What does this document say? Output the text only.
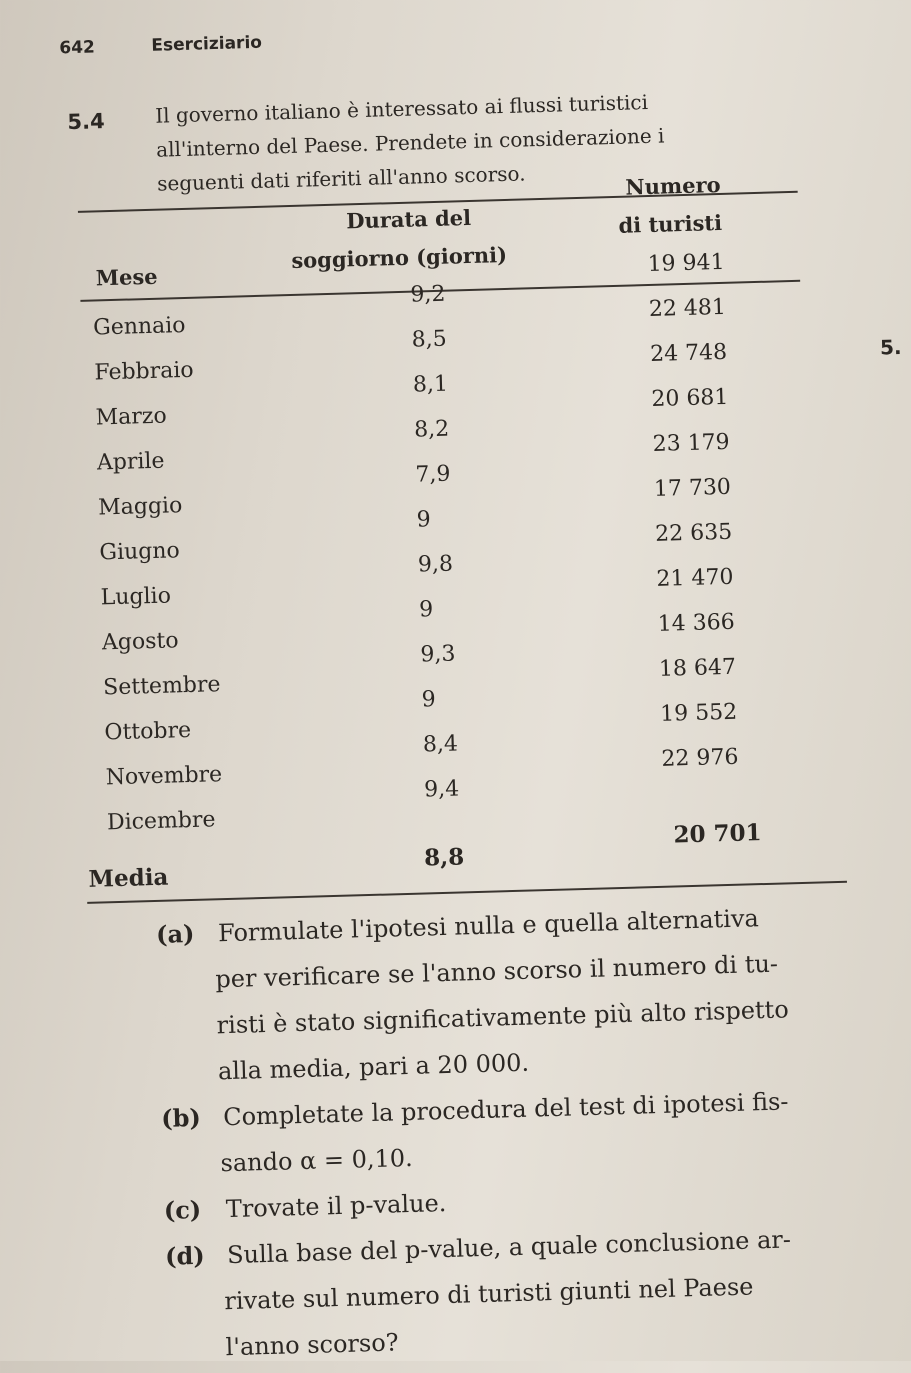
642	Eserciziario
5.4 Il governo italiano è interessato ai flussi turistici
all'interno del Paese. Prendete in considerazione i
seguenti dati riferiti all'anno scorso.
Durata del
Numero
Mese
soggiorno (giorni)
di turisti
Gennaio
9,2
19 941
Febbraio
8,5
22 481
Marzo
8,1
24 748
Aprile
8,2
20 681
Maggio
7,9
23 179
Giugno
9
17 730
Luglio
9,8
22 635
Agosto
9
21 470
Settembre
9,3
14 366
Ottobre
9
18 647
Novembre
8,4
19 552
Dicembre
9,4
22 976
Media
8,8
20 701
5.
(a) Formulate l'ipotesi nulla e quella alternativa
per verificare se l'anno scorso il numero di tu-
risti è stato significativamente più alto rispetto
alla media, pari a 20 000.
(b) Completate la procedura del test di ipotesi fis-
sando α = 0,10.
(c) Trovate il p-value.
(d) Sulla base del p-value, a quale conclusione ar-
rivate sul numero di turisti giunti nel Paese
l'anno scorso?
